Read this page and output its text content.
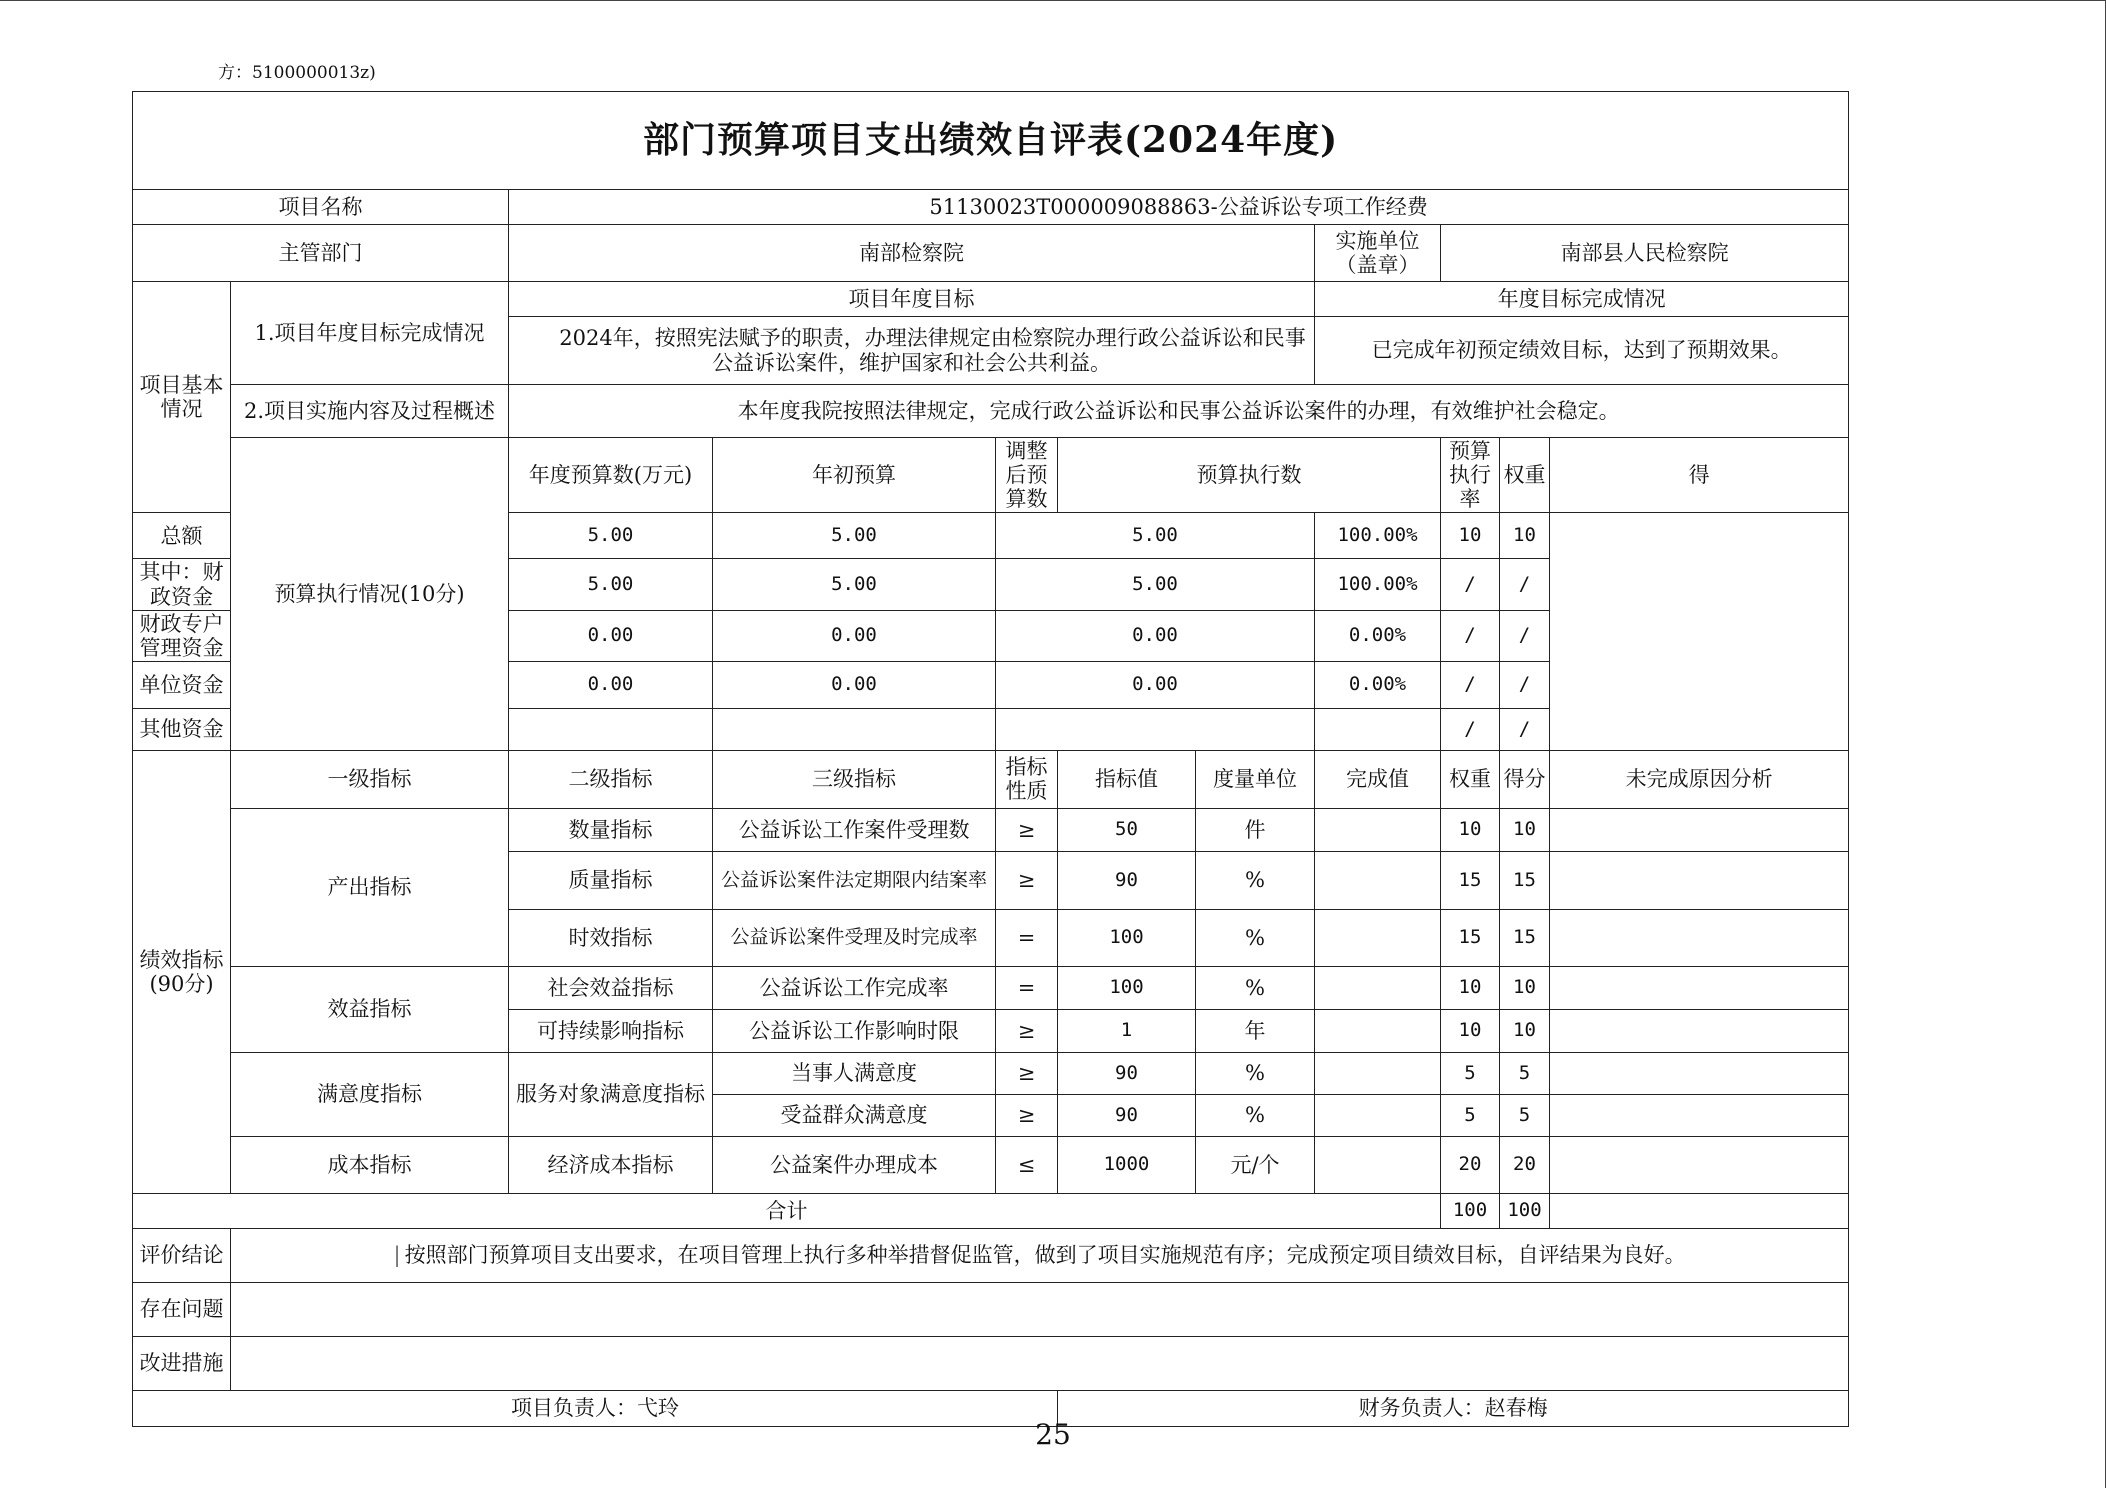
方：5100000013z)
部门预算项目支出绩效自评表(2024年度)											
项目名称		51130023T000009088863-公益诉讼专项工作经费									
主管部门		南部检察院					实施单位（盖章）	南部县人民检察院			
项目基本情况	1.项目年度目标完成情况	项目年度目标					年度目标完成情况				
		2024年，按照宪法赋予的职责，办理法律规定由检察院办理行政公益诉讼和民事公益诉讼案件，维护国家和社会公共利益。					已完成年初预定绩效目标，达到了预期效果。				
	2.项目实施内容及过程概述	本年度我院按照法律规定，完成行政公益诉讼和民事公益诉讼案件的办理，有效维护社会稳定。									
	预算执行情况(10分)	年度预算数(万元)	年初预算	调整后预算数	预算执行数			预算执行率	权重	得	
总额		5.00	5.00	5.00			100.00%	10	10		
其中：财政资金		5.00	5.00	5.00			100.00%	/	/		
财政专户管理资金		0.00	0.00	0.00			0.00%	/	/		
单位资金		0.00	0.00	0.00			0.00%	/	/		
其他资金								/	/		
绩效指标(90分)	一级指标	二级指标	三级指标	指标性质	指标值	度量单位	完成值	权重	得分	未完成原因分析	
	产出指标	数量指标	公益诉讼工作案件受理数	≥	50	件		10	10		
		质量指标	公益诉讼案件法定期限内结案率	≥	90	%		15	15		
		时效指标	公益诉讼案件受理及时完成率	=	100	%		15	15		
	效益指标	社会效益指标	公益诉讼工作完成率	=	100	%		10	10		
		可持续影响指标	公益诉讼工作影响时限	≥	1	年		10	10		
	满意度指标	服务对象满意度指标	当事人满意度	≥	90	%		5	5		
			受益群众满意度	≥	90	%		5	5		
	成本指标	经济成本指标	公益案件办理成本	≤	1000	元/个		20	20		
合计								100	100		
评价结论	| 按照部门预算项目支出要求，在项目管理上执行多种举措督促监管，做到了项目实施规范有序；完成预定项目绩效目标，自评结果为良好。										
存在问题											
改进措施											
项目负责人：弋玲					财务负责人：赵春梅						
25
